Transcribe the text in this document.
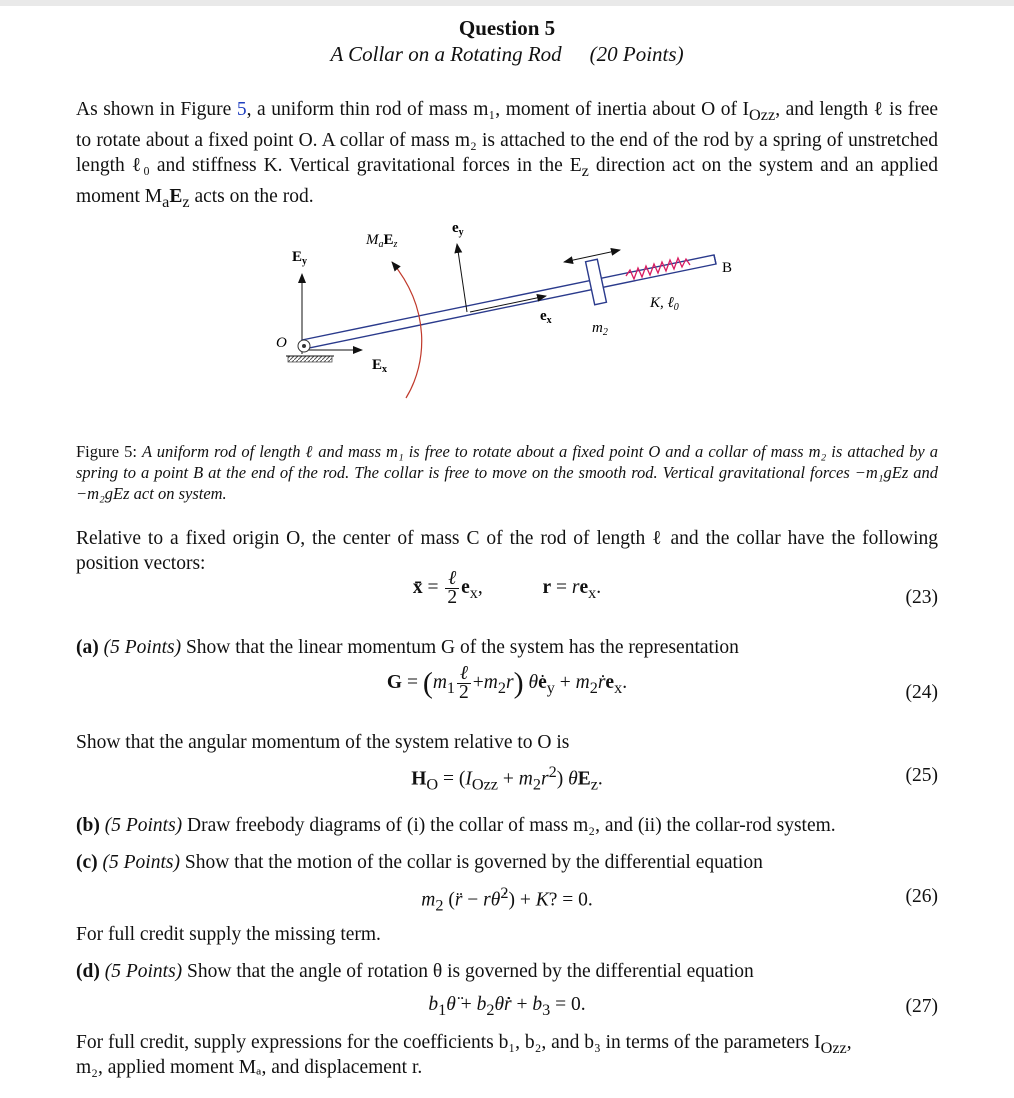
Question 5
A Collar on a Rotating Rod (20 Points)
As shown in Figure 5, a uniform thin rod of mass m₁, moment of inertia about O of $I_{Ozz}$, and length ℓ is free to rotate about a fixed point O. A collar of mass m₂ is attached to the end of the rod by a spring of unstretched length ℓ₀ and stiffness K. Vertical gravitational forces in the $E_z$ direction act on the system and an applied moment $M_aE_z$ acts on the rod.
$E_y$
$M_aE_z$
$e_y$
B
O
$E_x$
$e_x$	$m_2$
K, ℓ$_0$
Figure 5: A uniform rod of length ℓ and mass m₁ is free to rotate about a fixed point O and a collar of mass m₂ is attached by a spring to a point B at the end of the rod. The collar is free to move on the smooth rod. Vertical gravitational forces −m₁gEz and −m₂gEz act on system.
Relative to a fixed origin O, the center of mass C of the rod of length ℓ and the collar have the following position vectors:
x̄ = $\frac{\text{ℓ}}{2} e_x$,	$r = re_x$.	(23)
(a) (5 Points) Show that the linear momentum G of the system has the representation
$G = (m_1 \frac{\text{ℓ}}{2} +m_2r)$ $\thetȧe_y$ + $m_2ṙe_x$.	(24)
Show that the angular momentum of the system relative to O is
$H_O = (I_{Ozz} + m_2r^2)$ $\thetȧE_z$.	(25)
(b) (5 Points) Draw freebody diagrams of (i) the collar of mass m₂, and (ii) the collar-rod system.
(c) (5 Points) Show that the motion of the collar is governed by the differential equation
$m_2$ (r̈ − rθ̇$^2$) + K? = 0.	(26)
For full credit supply the missing term.
(d) (5 Points) Show that the angle of rotation θ is governed by the differential equation
$b_1\thetä$ + $b_2\thetȧṙ + b_3 = 0$.	(27)
For full credit, supply expressions for the coefficients b₁, b₂, and b₃ in terms of the parameters $I_{Ozz}$,
m₂, applied moment Mₐ, and displacement r.
